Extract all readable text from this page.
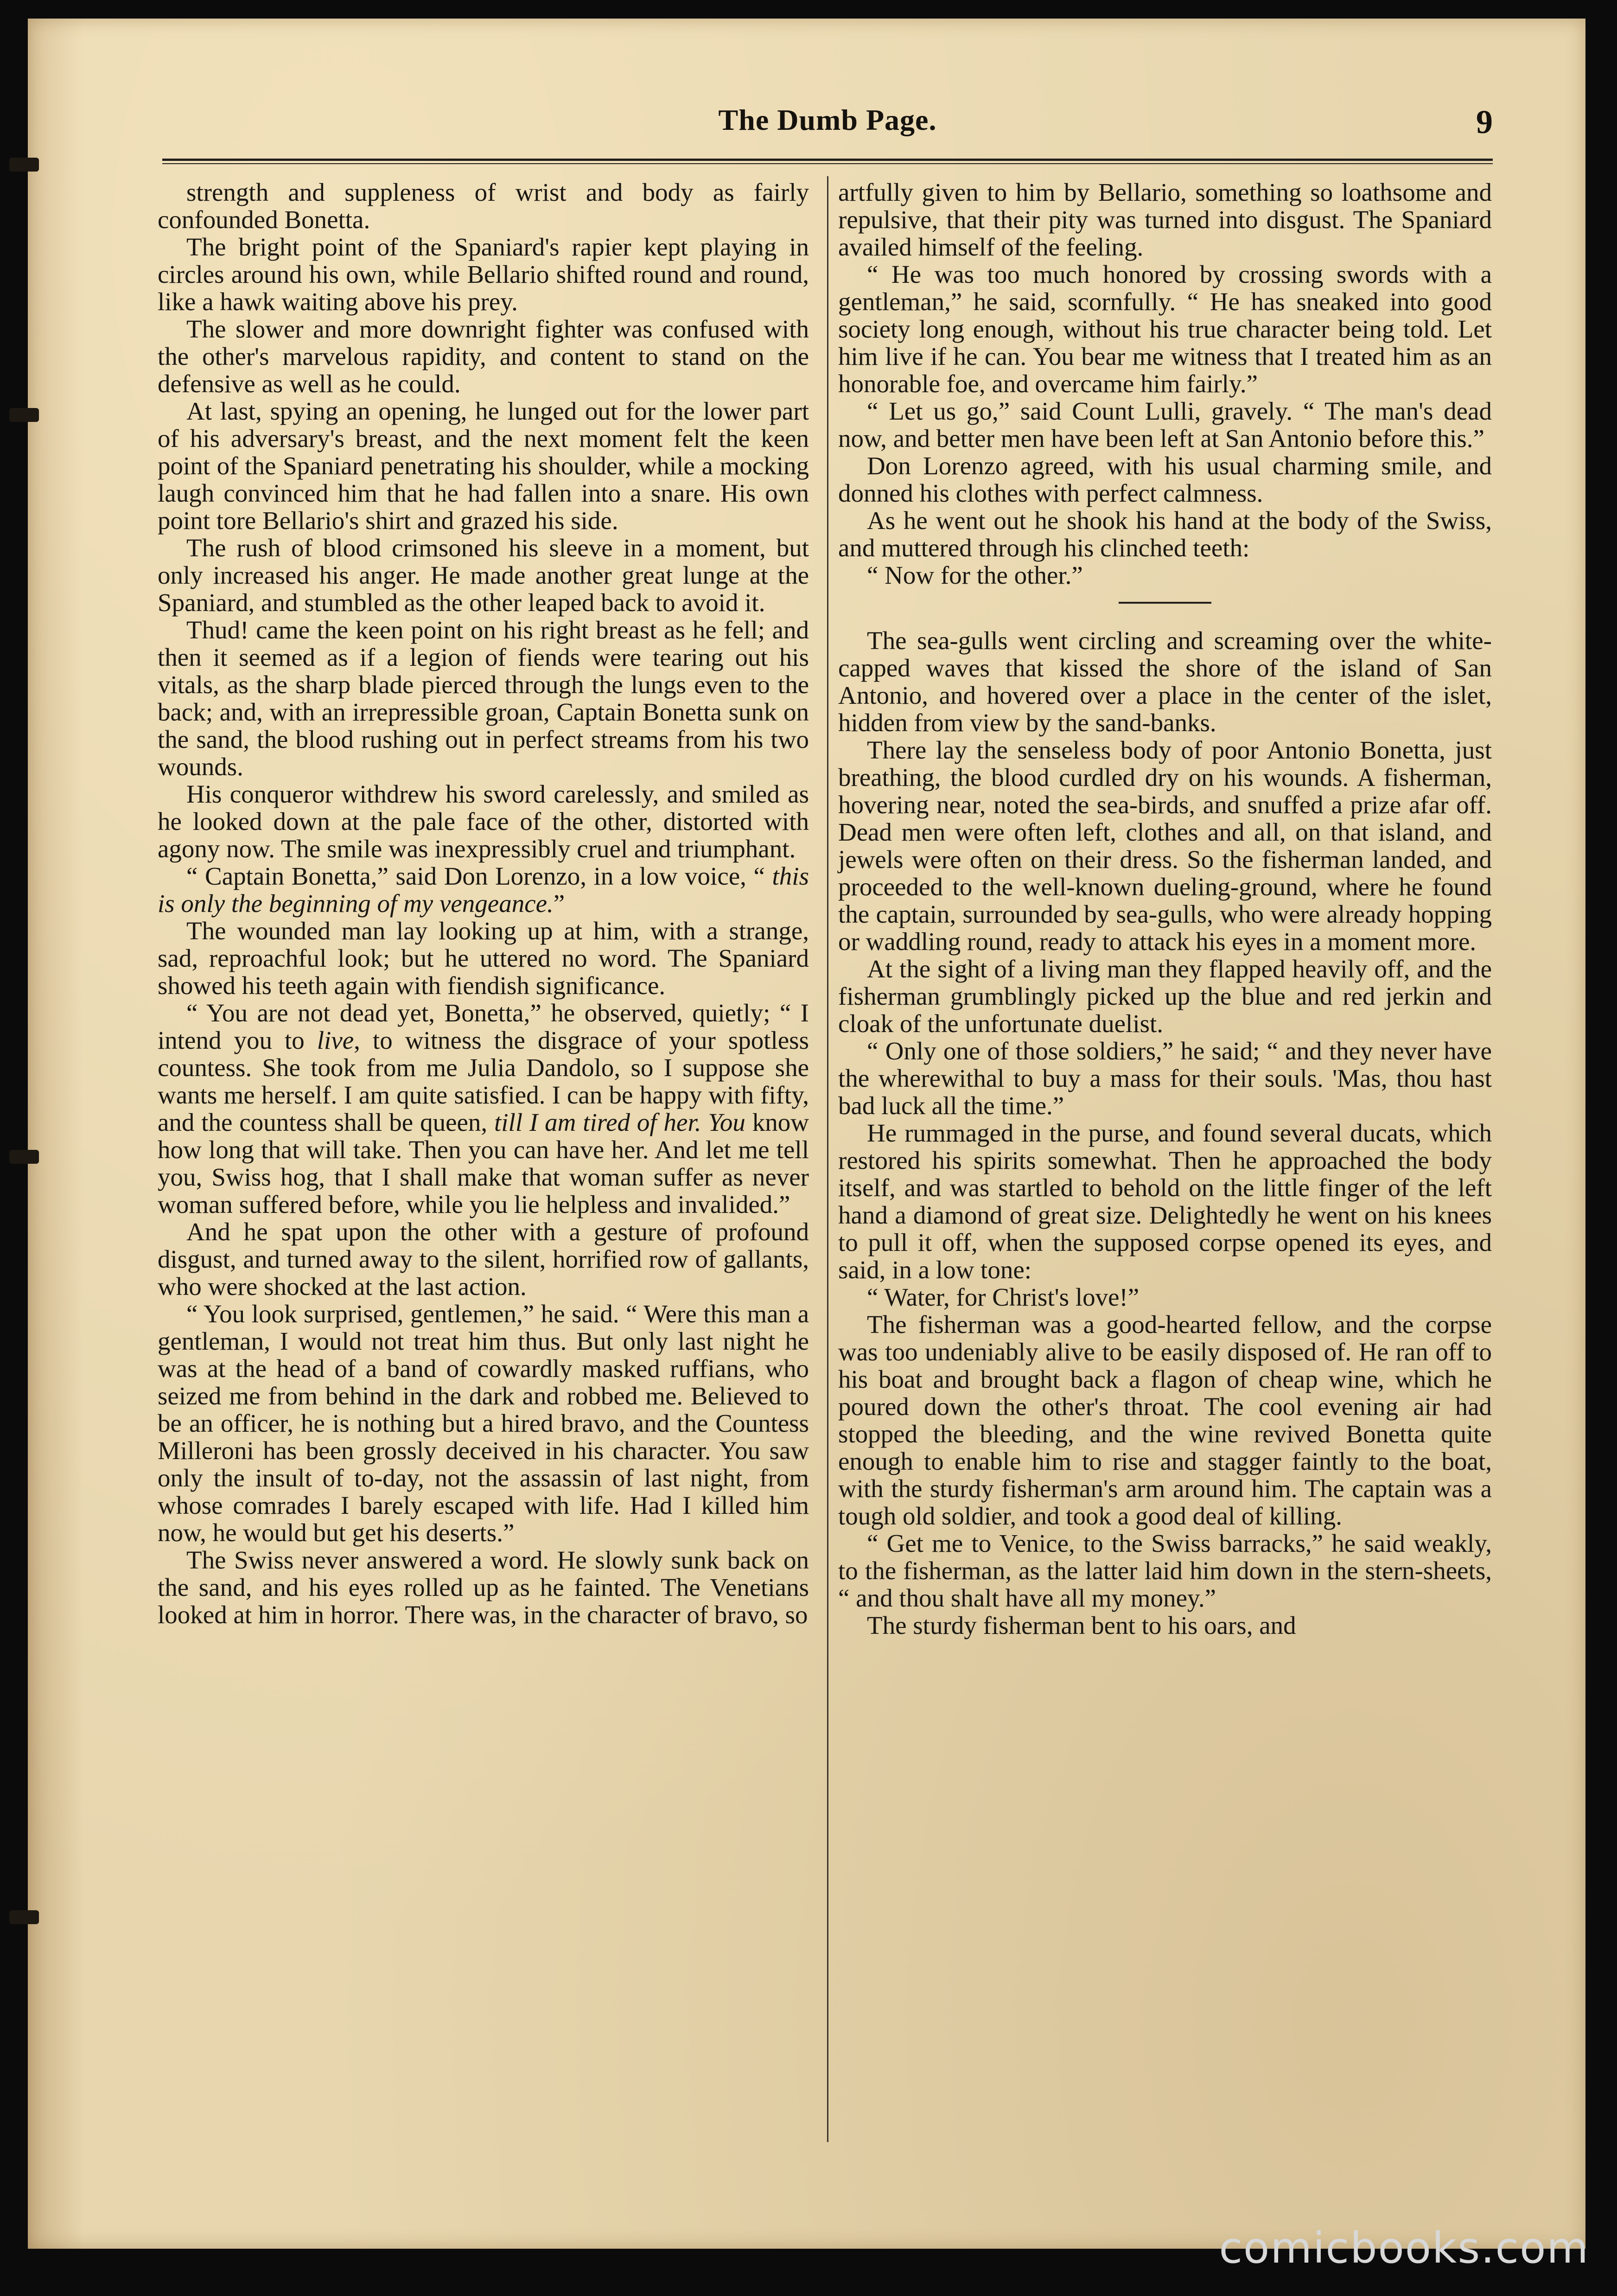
The Dumb Page.	9

strength and suppleness of wrist and body as fairly confounded Bonetta.

The bright point of the Spaniard's rapier kept playing in circles around his own, while Bellario shifted round and round, like a hawk waiting above his prey.

The slower and more downright fighter was confused with the other's marvelous rapidity, and content to stand on the defensive as well as he could.

At last, spying an opening, he lunged out for the lower part of his adversary's breast, and the next moment felt the keen point of the Spaniard penetrating his shoulder, while a mocking laugh convinced him that he had fallen into a snare. His own point tore Bellario's shirt and grazed his side.

The rush of blood crimsoned his sleeve in a moment, but only increased his anger. He made another great lunge at the Spaniard, and stumbled as the other leaped back to avoid it.

Thud! came the keen point on his right breast as he fell; and then it seemed as if a legion of fiends were tearing out his vitals, as the sharp blade pierced through the lungs even to the back; and, with an irrepressible groan, Captain Bonetta sunk on the sand, the blood rushing out in perfect streams from his two wounds.

His conqueror withdrew his sword carelessly, and smiled as he looked down at the pale face of the other, distorted with agony now. The smile was inexpressibly cruel and triumphant.

“ Captain Bonetta,” said Don Lorenzo, in a low voice, “ this is only the beginning of my vengeance.”

The wounded man lay looking up at him, with a strange, sad, reproachful look; but he uttered no word. The Spaniard showed his teeth again with fiendish significance.

“ You are not dead yet, Bonetta,” he observed, quietly; “ I intend you to live, to witness the disgrace of your spotless countess. She took from me Julia Dandolo, so I suppose she wants me herself. I am quite satisfied. I can be happy with fifty, and the countess shall be queen, till I am tired of her. You know how long that will take. Then you can have her. And let me tell you, Swiss hog, that I shall make that woman suffer as never woman suffered before, while you lie helpless and invalided.”

And he spat upon the other with a gesture of profound disgust, and turned away to the silent, horrified row of gallants, who were shocked at the last action.

“ You look surprised, gentlemen,” he said. “ Were this man a gentleman, I would not treat him thus. But only last night he was at the head of a band of cowardly masked ruffians, who seized me from behind in the dark and robbed me. Believed to be an officer, he is nothing but a hired bravo, and the Countess Milleroni has been grossly deceived in his character. You saw only the insult of to-day, not the assassin of last night, from whose comrades I barely escaped with life. Had I killed him now, he would but get his deserts.”

The Swiss never answered a word. He slowly sunk back on the sand, and his eyes rolled up as he fainted. The Venetians looked at him in horror. There was, in the character of bravo, so

artfully given to him by Bellario, something so loathsome and repulsive, that their pity was turned into disgust. The Spaniard availed himself of the feeling.

“ He was too much honored by crossing swords with a gentleman,” he said, scornfully. “ He has sneaked into good society long enough, without his true character being told. Let him live if he can. You bear me witness that I treated him as an honorable foe, and overcame him fairly.”

“ Let us go,” said Count Lulli, gravely. “ The man's dead now, and better men have been left at San Antonio before this.”

Don Lorenzo agreed, with his usual charming smile, and donned his clothes with perfect calmness.

As he went out he shook his hand at the body of the Swiss, and muttered through his clinched teeth:

“ Now for the other.”

The sea-gulls went circling and screaming over the white-capped waves that kissed the shore of the island of San Antonio, and hovered over a place in the center of the islet, hidden from view by the sand-banks.

There lay the senseless body of poor Antonio Bonetta, just breathing, the blood curdled dry on his wounds. A fisherman, hovering near, noted the sea-birds, and snuffed a prize afar off. Dead men were often left, clothes and all, on that island, and jewels were often on their dress. So the fisherman landed, and proceeded to the well-known dueling-ground, where he found the captain, surrounded by sea-gulls, who were already hopping or waddling round, ready to attack his eyes in a moment more.

At the sight of a living man they flapped heavily off, and the fisherman grumblingly picked up the blue and red jerkin and cloak of the unfortunate duelist.

“ Only one of those soldiers,” he said; “ and they never have the wherewithal to buy a mass for their souls. 'Mas, thou hast bad luck all the time.”

He rummaged in the purse, and found several ducats, which restored his spirits somewhat. Then he approached the body itself, and was startled to behold on the little finger of the left hand a diamond of great size. Delightedly he went on his knees to pull it off, when the supposed corpse opened its eyes, and said, in a low tone:

“ Water, for Christ's love!”

The fisherman was a good-hearted fellow, and the corpse was too undeniably alive to be easily disposed of. He ran off to his boat and brought back a flagon of cheap wine, which he poured down the other's throat. The cool evening air had stopped the bleeding, and the wine revived Bonetta quite enough to enable him to rise and stagger faintly to the boat, with the sturdy fisherman's arm around him. The captain was a tough old soldier, and took a good deal of killing.

“ Get me to Venice, to the Swiss barracks,” he said weakly, to the fisherman, as the latter laid him down in the stern-sheets, “ and thou shalt have all my money.”

The sturdy fisherman bent to his oars, and

comicbooks.com
